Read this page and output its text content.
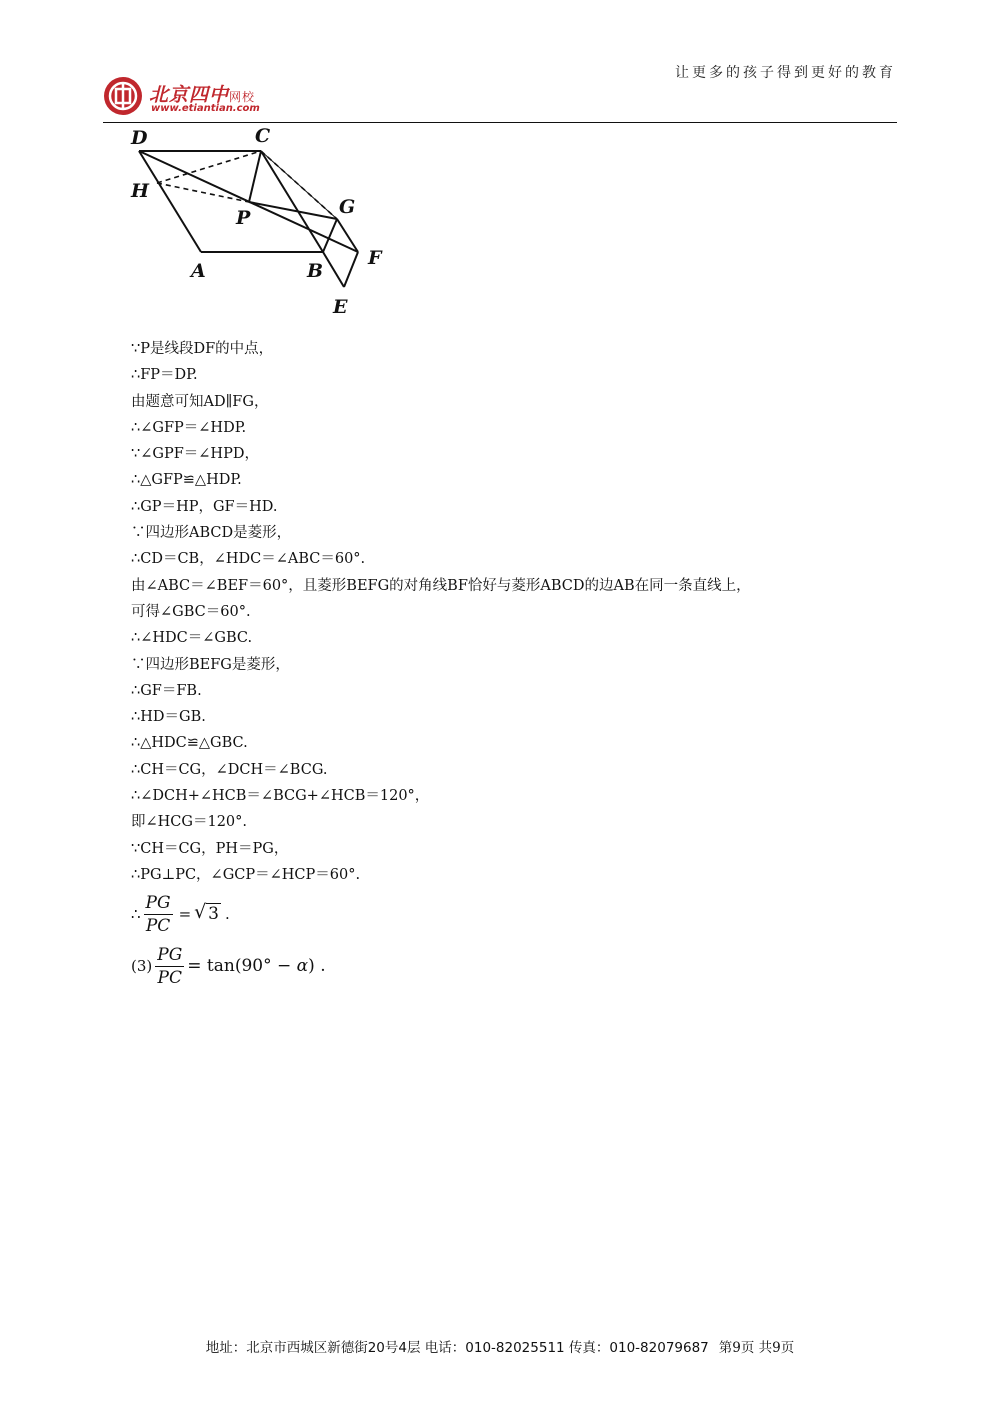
让更多的孩子得到更好的教育
北京四中网校
www.etiantian.com
D	C
H
P	G
A	B
F
E
∵P是线段DF的中点，
∴FP＝DP.
由题意可知AD∥FG，
∴∠GFP＝∠HDP.
∵∠GPF＝∠HPD，
∴△GFP≌△HDP.
∴GP＝HP，GF＝HD.
∵四边形ABCD是菱形，
∴CD＝CB，∠HDC＝∠ABC＝60°.
由∠ABC＝∠BEF＝60°，且菱形BEFG的对角线BF恰好与菱形ABCD的边AB在同一条直线上，
可得∠GBC＝60°.
∴∠HDC＝∠GBC.
∵四边形BEFG是菱形，
∴GF＝FB.
∴HD＝GB.
∴△HDC≌△GBC.
∴CH＝CG，∠DCH＝∠BCG.
∴∠DCH+∠HCB＝∠BCG+∠HCB＝120°，
即∠HCG＝120°.
∵CH＝CG，PH＝PG，
∴PG⊥PC，∠GCP＝∠HCP＝60°.
∴ $\frac{PG}{PC}$ = √ 3 .
$(3) \frac{PG}{PC} = \tan(90^\circ - \alpha$ ) .
地址：北京市西城区新德街20号4层 电话：010-82025511 传真：010-82079687 第9页 共9页
